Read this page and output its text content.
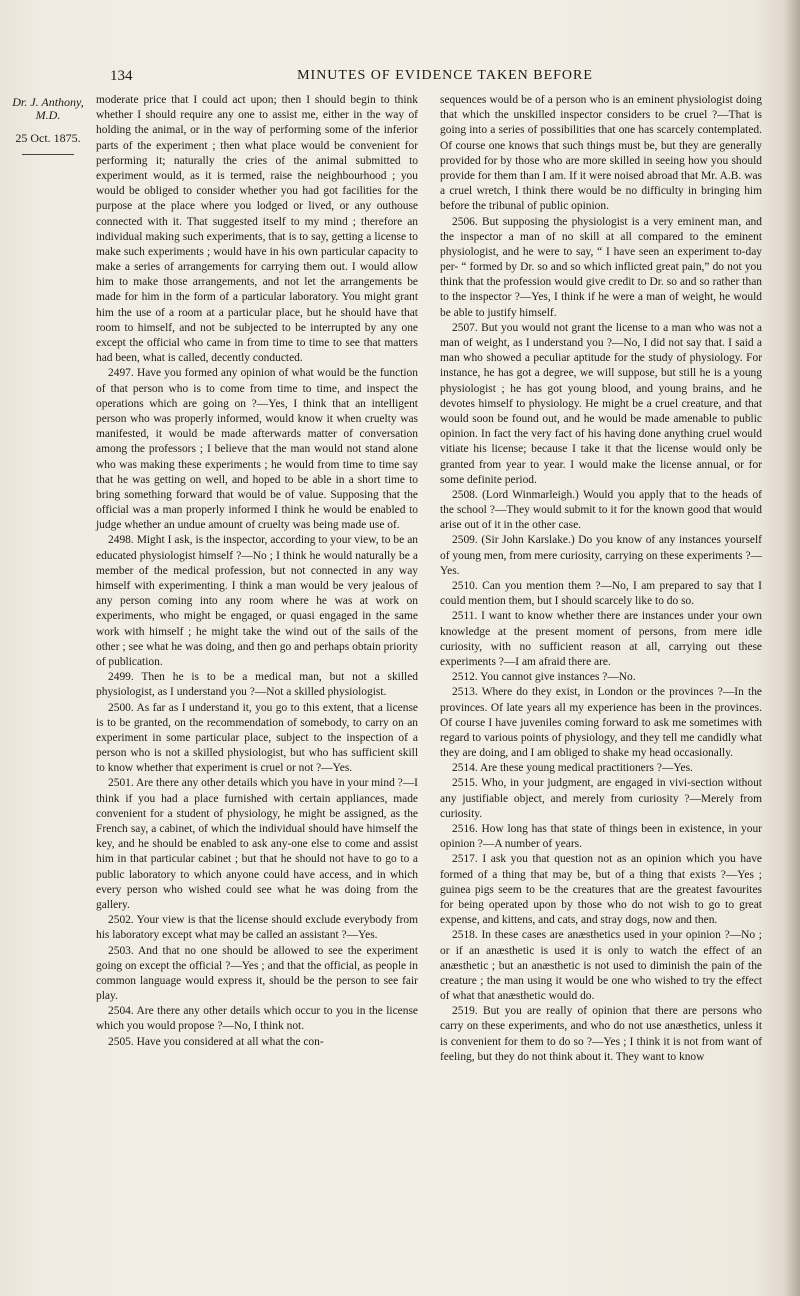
134	MINUTES OF EVIDENCE TAKEN BEFORE
Dr. J. Anthony, M.D.
25 Oct. 1875.

moderate price that I could act upon; then I should begin to think whether I should require any one to assist me, either in the way of holding the animal, or in the way of performing some of the inferior parts of the experiment ; then what place would be convenient for performing it; naturally the cries of the animal submitted to experiment would, as it is termed, raise the neighbourhood ; you would be obliged to consider whether you had got facilities for the purpose at the place where you lodged or lived, or any outhouse connected with it. That suggested itself to my mind ; therefore an individual making such experiments, that is to say, getting a license to make such experiments ; would have in his own particular capacity to make a series of arrangements for carrying them out. I would allow him to make those arrangements, and not let the arrangements be made for him in the form of a particular laboratory. You might grant him the use of a room at a particular place, but he should have that room to himself, and not be subjected to be interrupted by any one except the official who came in from time to time to see that matters had been, what is called, decently conducted.

2497. Have you formed any opinion of what would be the function of that person who is to come from time to time, and inspect the operations which are going on ?—Yes, I think that an intelligent person who was properly informed, would know it when cruelty was manifested, it would be made afterwards matter of conversation among the professors ; I believe that the man would not stand alone who was making these experiments ; he would from time to time say that he was getting on well, and hoped to be able in a short time to bring something forward that would be of value. Supposing that the official was a man properly informed I think he would be enabled to judge whether an undue amount of cruelty was being made use of.

2498. Might I ask, is the inspector, according to your view, to be an educated physiologist himself ?—No ; I think he would naturally be a member of the medical profession, but not connected in any way himself with experimenting. I think a man would be very jealous of any person coming into any room where he was at work on experiments, who might be engaged, or quasi engaged in the same work with himself ; he might take the wind out of the sails of the other ; see what he was doing, and then go and perhaps obtain priority of publication.

2499. Then he is to be a medical man, but not a skilled physiologist, as I understand you ?—Not a skilled physiologist.

2500. As far as I understand it, you go to this extent, that a license is to be granted, on the recommendation of somebody, to carry on an experiment in some particular place, subject to the inspection of a person who is not a skilled physiologist, but who has sufficient skill to know whether that experiment is cruel or not ?—Yes.

2501. Are there any other details which you have in your mind ?—I think if you had a place furnished with certain appliances, made convenient for a student of physiology, he might be assigned, as the French say, a cabinet, of which the individual should have himself the key, and he should be enabled to ask any-one else to come and assist him in that particular cabinet ; but that he should not have to go to a public laboratory to which anyone could have access, and in which every person who wished could see what he was doing from the gallery.

2502. Your view is that the license should exclude everybody from his laboratory except what may be called an assistant ?—Yes.

2503. And that no one should be allowed to see the experiment going on except the official ?—Yes ; and that the official, as people in common language would express it, should be the person to see fair play.

2504. Are there any other details which occur to you in the license which you would propose ?—No, I think not.

2505. Have you considered at all what the con-

sequences would be of a person who is an eminent physiologist doing that which the unskilled inspector considers to be cruel ?—That is going into a series of possibilities that one has scarcely contemplated. Of course one knows that such things must be, but they are generally provided for by those who are more skilled in seeing how you should provide for them than I am. If it were noised abroad that Mr. A.B. was a cruel wretch, I think there would be no difficulty in bringing him before the tribunal of public opinion.

2506. But supposing the physiologist is a very eminent man, and the inspector a man of no skill at all compared to the eminent physiologist, and he were to say, “ I have seen an experiment to-day per- “ formed by Dr. so and so which inflicted great pain,” do not you think that the profession would give credit to Dr. so and so rather than to the inspector ?—Yes, I think if he were a man of weight, he would be able to justify himself.

2507. But you would not grant the license to a man who was not a man of weight, as I understand you ?—No, I did not say that. I said a man who showed a peculiar aptitude for the study of physiology. For instance, he has got a degree, we will suppose, but still he is a young physiologist ; he has got young blood, and young brains, and he devotes himself to physiology. He might be a cruel creature, and that would soon be found out, and he would be made amenable to public opinion. In fact the very fact of his having done anything cruel would vitiate his license; because I take it that the license would only be granted from year to year. I would make the license annual, or for some definite period.

2508. (Lord Winmarleigh.) Would you apply that to the heads of the school ?—They would submit to it for the known good that would arise out of it in the other case.

2509. (Sir John Karslake.) Do you know of any instances yourself of young men, from mere curiosity, carrying on these experiments ?—Yes.

2510. Can you mention them ?—No, I am prepared to say that I could mention them, but I should scarcely like to do so.

2511. I want to know whether there are instances under your own knowledge at the present moment of persons, from mere idle curiosity, with no sufficient reason at all, carrying out these experiments ?—I am afraid there are.

2512. You cannot give instances ?—No.

2513. Where do they exist, in London or the provinces ?—In the provinces. Of late years all my experience has been in the provinces. Of course I have juveniles coming forward to ask me sometimes with regard to various points of physiology, and they tell me candidly what they are doing, and I am obliged to shake my head occasionally.

2514. Are these young medical practitioners ?—Yes.

2515. Who, in your judgment, are engaged in vivi-section without any justifiable object, and merely from curiosity ?—Merely from curiosity.

2516. How long has that state of things been in existence, in your opinion ?—A number of years.

2517. I ask you that question not as an opinion which you have formed of a thing that may be, but of a thing that exists ?—Yes ; guinea pigs seem to be the creatures that are the greatest favourites for being operated upon by those who do not wish to go to great expense, and kittens, and cats, and stray dogs, now and then.

2518. In these cases are anæsthetics used in your opinion ?—No ; or if an anæsthetic is used it is only to watch the effect of an anæsthetic ; but an anæsthetic is not used to diminish the pain of the creature ; the man using it would be one who wished to try the effect of what that anæsthetic would do.

2519. But you are really of opinion that there are persons who carry on these experiments, and who do not use anæsthetics, unless it is convenient for them to do so ?—Yes ; I think it is not from want of feeling, but they do not think about it. They want to know
